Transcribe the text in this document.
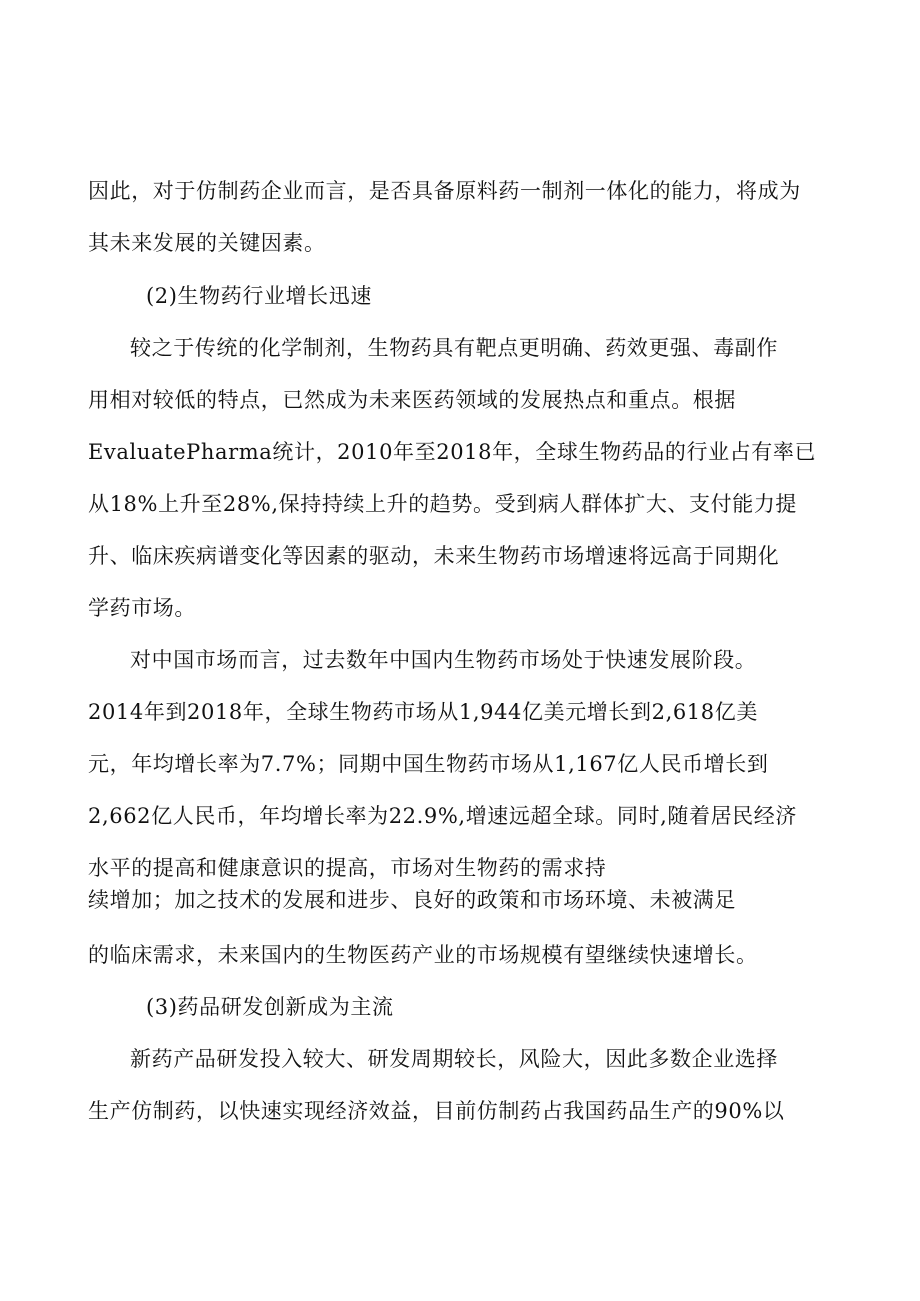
因此，对于仿制药企业而言，是否具备原料药一制剂一体化的能力，将成为
其未来发展的关键因素。
(2)生物药行业增长迅速
较之于传统的化学制剂，生物药具有靶点更明确、药效更强、毒副作
用相对较低的特点，已然成为未来医药领域的发展热点和重点。根据
EvaluatePharma统计，2010年至2018年，全球生物药品的行业占有率已
从18%上升至28%,保持持续上升的趋势。受到病人群体扩大、支付能力提
升、临床疾病谱变化等因素的驱动，未来生物药市场增速将远高于同期化
学药市场。
对中国市场而言，过去数年中国内生物药市场处于快速发展阶段。
2014年到2018年，全球生物药市场从1,944亿美元增长到2,618亿美
元，年均增长率为7.7%；同期中国生物药市场从1,167亿人民币增长到
2,662亿人民币，年均增长率为22.9%,增速远超全球。同时,随着居民经济
水平的提高和健康意识的提高，市场对生物药的需求持
续增加；加之技术的发展和进步、良好的政策和市场环境、未被满足
的临床需求，未来国内的生物医药产业的市场规模有望继续快速增长。
(3)药品研发创新成为主流
新药产品研发投入较大、研发周期较长，风险大，因此多数企业选择
生产仿制药，以快速实现经济效益，目前仿制药占我国药品生产的90%以
